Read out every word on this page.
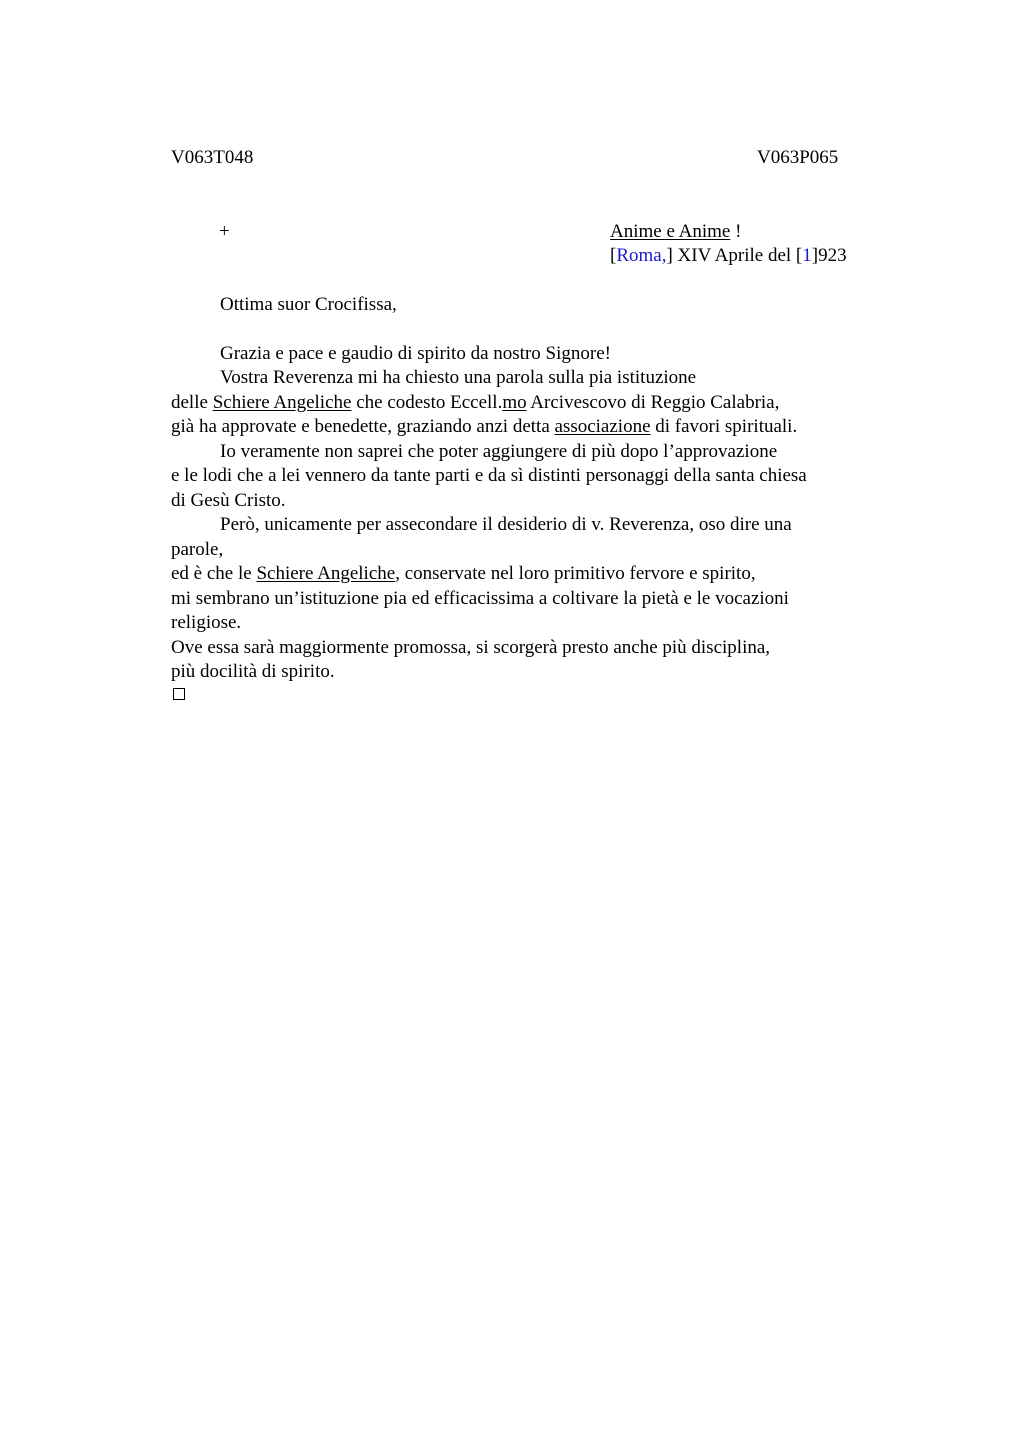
V063T048	V063P065
+	Anime e Anime !
[Roma,] XIV Aprile del [1]923
Ottima suor Crocifissa,
Grazia e pace e gaudio di spirito da nostro Signore!
Vostra Reverenza mi ha chiesto una parola sulla pia istituzione
delle Schiere Angeliche che codesto Eccell.mo Arcivescovo di Reggio Calabria,
già ha approvate e benedette, graziando anzi detta associazione di favori spirituali.
Io veramente non saprei che poter aggiungere di più dopo l’approvazione
e le lodi che a lei vennero da tante parti e da sì distinti personaggi della santa chiesa
di Gesù Cristo.
Però, unicamente per assecondare il desiderio di v. Reverenza, oso dire una
parole,
ed è che le Schiere Angeliche, conservate nel loro primitivo fervore e spirito,
mi sembrano un’istituzione pia ed efficacissima a coltivare la pietà e le vocazioni
religiose.
Ove essa sarà maggiormente promossa, si scorgerà presto anche più disciplina,
più docilità di spirito.
